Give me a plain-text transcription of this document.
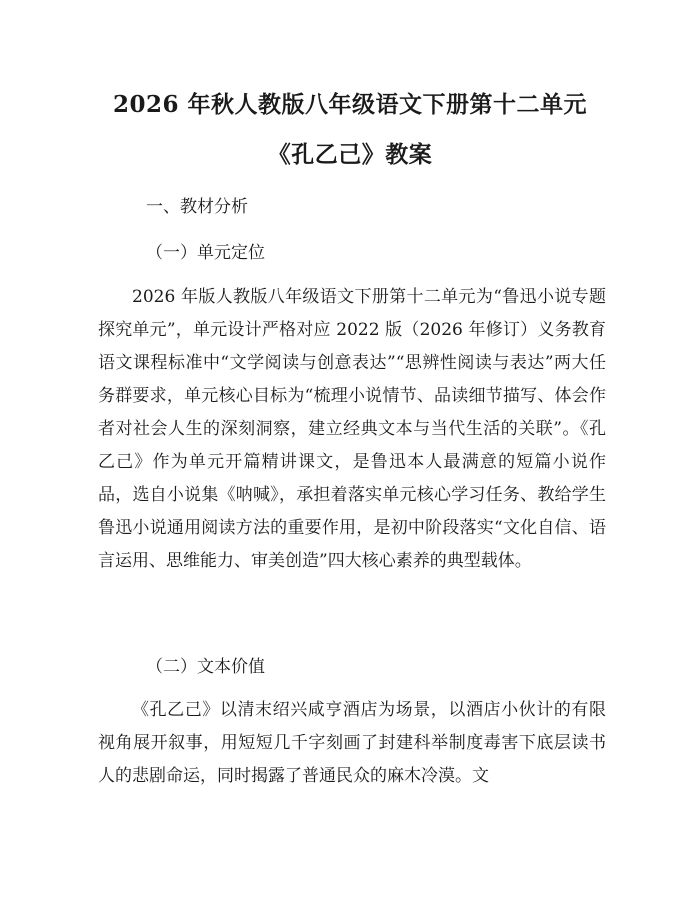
2026 年秋人教版八年级语文下册第十二单元
《孔乙己》教案
一、教材分析
（一）单元定位
2026 年版人教版八年级语文下册第十二单元为“鲁迅小说专题探究单元”，单元设计严格对应 2022 版（2026 年修订）义务教育语文课程标准中“文学阅读与创意表达”“思辨性阅读与表达”两大任务群要求，单元核心目标为“梳理小说情节、品读细节描写、体会作者对社会人生的深刻洞察，建立经典文本与当代生活的关联”。《孔乙己》作为单元开篇精讲课文，是鲁迅本人最满意的短篇小说作品，选自小说集《呐喊》，承担着落实单元核心学习任务、教给学生鲁迅小说通用阅读方法的重要作用，是初中阶段落实“文化自信、语言运用、思维能力、审美创造”四大核心素养的典型载体。
（二）文本价值
《孔乙己》以清末绍兴咸亨酒店为场景，以酒店小伙计的有限视角展开叙事，用短短几千字刻画了封建科举制度毒害下底层读书人的悲剧命运，同时揭露了普通民众的麻木冷漠。文
